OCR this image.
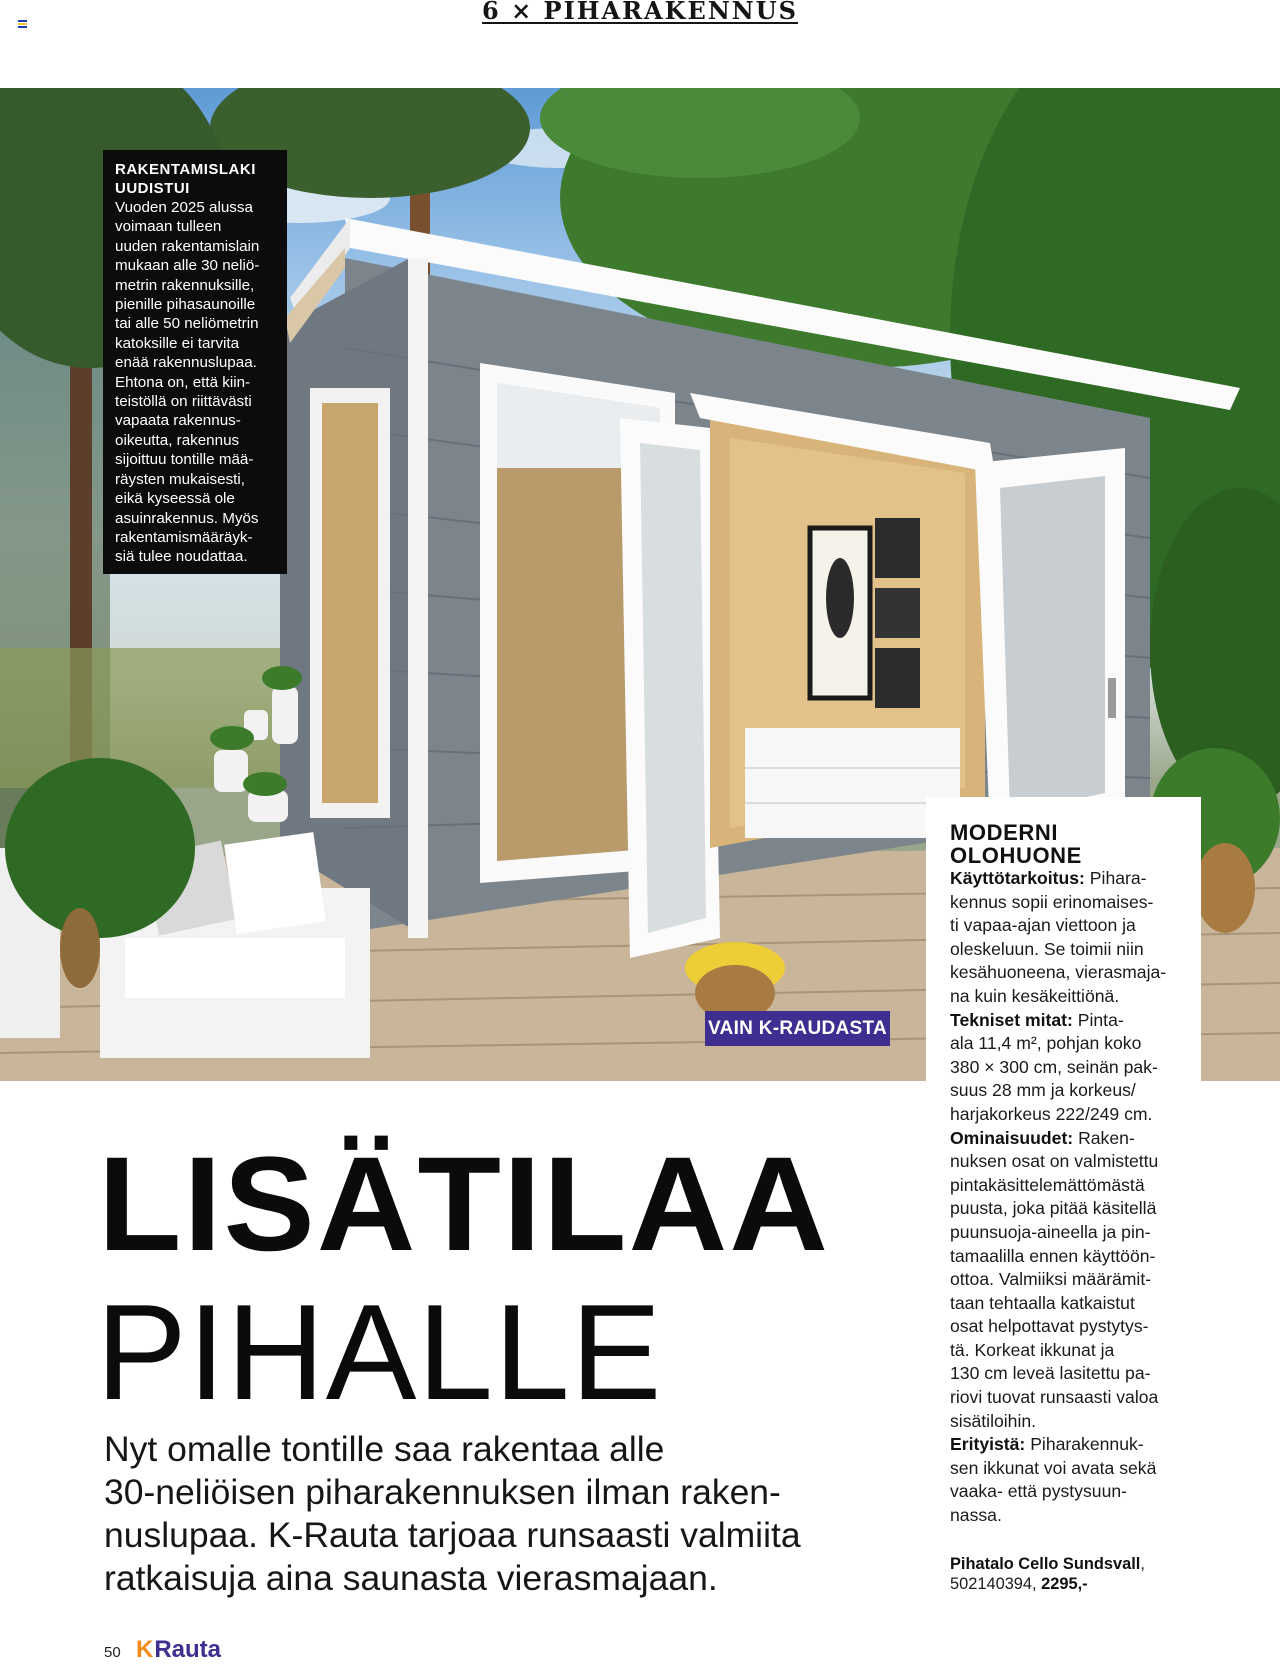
6 × PIHARAKENNUS
RAKENTAMISLAKI UUDISTUI
Vuoden 2025 alussa
voimaan tulleen
uuden rakentamislain
mukaan alle 30 neliö-
metrin rakennuksille,
pienille pihasaunoille
tai alle 50 neliömetrin
katoksille ei tarvita
enää rakennuslupaa.
Ehtona on, että kiin-
teistöllä on riittävästi
vapaata rakennus-
oikeutta, rakennus
sijoittuu tontille mää-
räysten mukaisesti,
eikä kyseessä ole
asuinrakennus. Myös
rakentamismääräyk-
siä tulee noudattaa.
VAIN K-RAUDASTA
MODERNI
OLOHUONE
Käyttötarkoitus: Pihara-
kennus sopii erinomaises-
ti vapaa-ajan viettoon ja
oleskeluun. Se toimii niin
kesähuoneena, vierasmaja-
na kuin kesäkeittiönä.
Tekniset mitat: Pinta-
ala 11,4 m², pohjan koko
380 × 300 cm, seinän pak-
suus 28 mm ja korkeus/
harjakorkeus 222/249 cm.
Ominaisuudet: Raken-
nuksen osat on valmistettu
pintakäsittelemättömästä
puusta, joka pitää käsitellä
puunsuoja-aineella ja pin-
tamaalilla ennen käyttöön-
ottoa. Valmiiksi määrämit-
taan tehtaalla katkaistut
osat helpottavat pystytys-
tä. Korkeat ikkunat ja
130 cm leveä lasitettu pa-
riovi tuovat runsaasti valoa
sisätiloihin.
Erityistä: Piharakennuk-
sen ikkunat voi avata sekä
vaaka- että pystysuun-
nassa.
Pihatalo Cello Sundsvall,
502140394, 2295,-
LISÄTILAA
PIHALLE
Nyt omalle tontille saa rakentaa alle
30-neliöisen piharakennuksen ilman raken-
nuslupaa. K-Rauta tarjoaa runsaasti valmiita
ratkaisuja aina saunasta vierasmajaan.
50 K Rauta
